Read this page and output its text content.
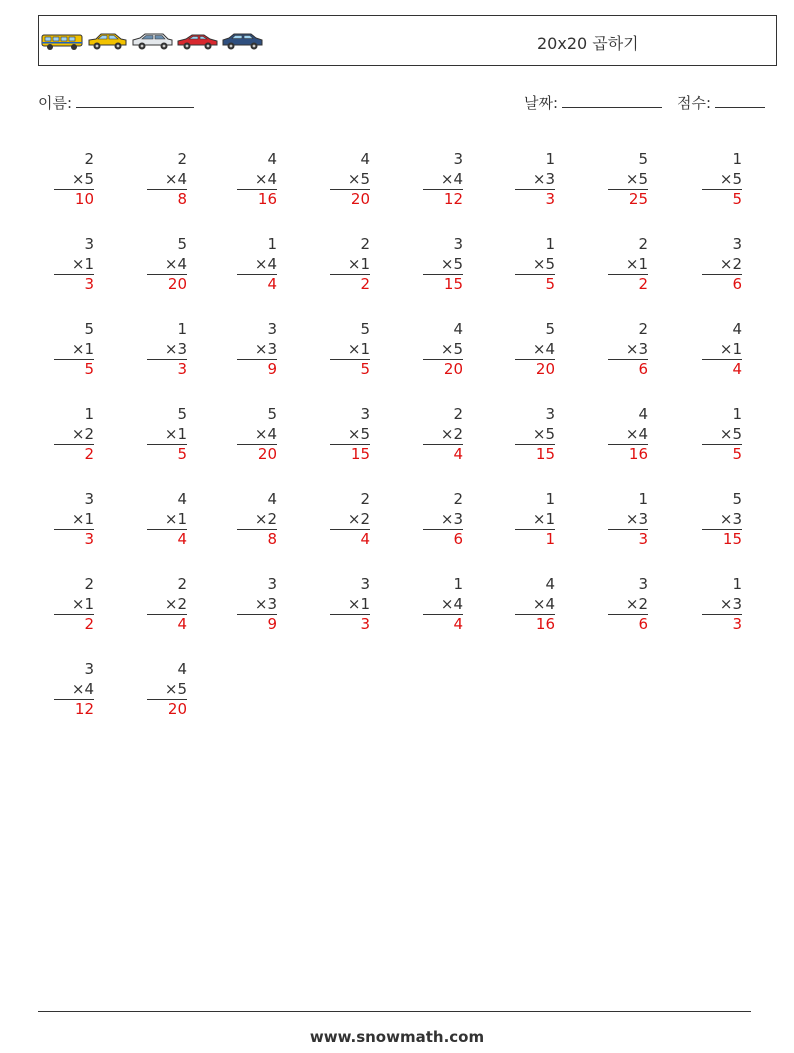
20x20 곱하기
이름:	날짜:	점수:
2
×5
10
2
×4
8
4
×4
16
4
×5
20
3
×4
12
1
×3
3
5
×5
25
1
×5
5
3
×1
3
5
×4
20
1
×4
4
2
×1
2
3
×5
15
1
×5
5
2
×1
2
3
×2
6
5
×1
5
1
×3
3
3
×3
9
5
×1
5
4
×5
20
5
×4
20
2
×3
6
4
×1
4
1
×2
2
5
×1
5
5
×4
20
3
×5
15
2
×2
4
3
×5
15
4
×4
16
1
×5
5
3
×1
3
4
×1
4
4
×2
8
2
×2
4
2
×3
6
1
×1
1
1
×3
3
5
×3
15
2
×1
2
2
×2
4
3
×3
9
3
×1
3
1
×4
4
4
×4
16
3
×2
6
1
×3
3
3
×4
12
4
×5
20
www.snowmath.com
